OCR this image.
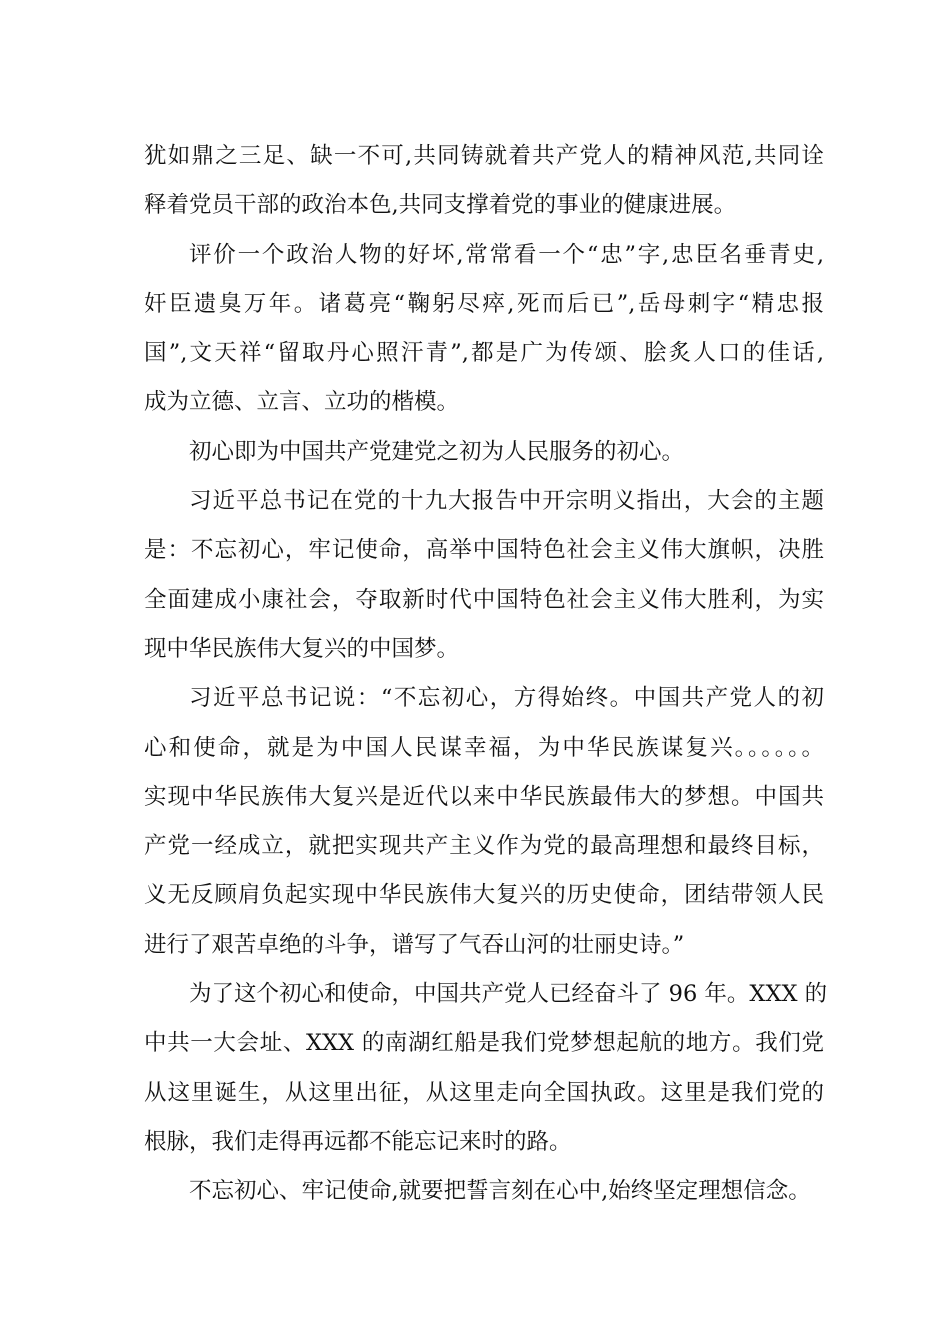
犹如鼎之三足、缺一不可,共同铸就着共产党人的精神风范,共同诠
释着党员干部的政治本色,共同支撑着党的事业的健康进展。
评价一个政治人物的好坏,常常看一个“忠”字,忠臣名垂青史,
奸臣遗臭万年。诸葛亮“鞠躬尽瘁,死而后已”,岳母刺字“精忠报
国”,文天祥“留取丹心照汗青”,都是广为传颂、脍炙人口的佳话,
成为立德、立言、立功的楷模。
初心即为中国共产党建党之初为人民服务的初心。
习近平总书记在党的十九大报告中开宗明义指出，大会的主题
是：不忘初心，牢记使命，高举中国特色社会主义伟大旗帜，决胜
全面建成小康社会，夺取新时代中国特色社会主义伟大胜利，为实
现中华民族伟大复兴的中国梦。
习近平总书记说：“不忘初心，方得始终。中国共产党人的初
心和使命，就是为中国人民谋幸福，为中华民族谋复兴。。。。。。
实现中华民族伟大复兴是近代以来中华民族最伟大的梦想。中国共
产党一经成立，就把实现共产主义作为党的最高理想和最终目标，
义无反顾肩负起实现中华民族伟大复兴的历史使命，团结带领人民
进行了艰苦卓绝的斗争，谱写了气吞山河的壮丽史诗。”
为了这个初心和使命，中国共产党人已经奋斗了 96 年。XXX 的
中共一大会址、XXX 的南湖红船是我们党梦想起航的地方。我们党
从这里诞生，从这里出征，从这里走向全国执政。这里是我们党的
根脉，我们走得再远都不能忘记来时的路。
不忘初心、牢记使命,就要把誓言刻在心中,始终坚定理想信念。
